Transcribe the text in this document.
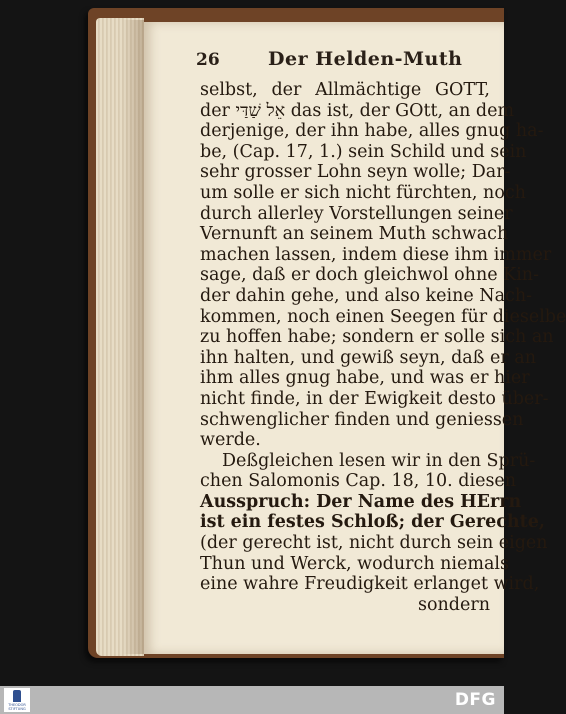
26	Der Helden-Muth
selbst, der Allmächtige GOTT,
der אֵל שַׁדַּי das ist, der GOtt, an dem
derjenige, der ihn habe, alles gnug ha-
be, (Cap. 17, 1.) sein Schild und sein
sehr grosser Lohn seyn wolle; Dar-
um solle er sich nicht fürchten, noch
durch allerley Vorstellungen seiner
Vernunft an seinem Muth schwach
machen lassen, indem diese ihm immer
sage, daß er doch gleichwol ohne Kin-
der dahin gehe, und also keine Nach-
kommen, noch einen Seegen für dieselbe
zu hoffen habe; sondern er solle sich an
ihn halten, und gewiß seyn, daß er an
ihm alles gnug habe, und was er hier
nicht finde, in der Ewigkeit desto über-
schwenglicher finden und geniessen
werde.
Deßgleichen lesen wir in den Sprü-
chen Salomonis Cap. 18, 10. diesen
Ausspruch: Der Name des HErrn
ist ein festes Schloß; der Gerechte,
(der gerecht ist, nicht durch sein eigen
Thun und Werck, wodurch niemals
eine wahre Freudigkeit erlanget wird,
sondern
THEODOR STIFTUNG	DFG
